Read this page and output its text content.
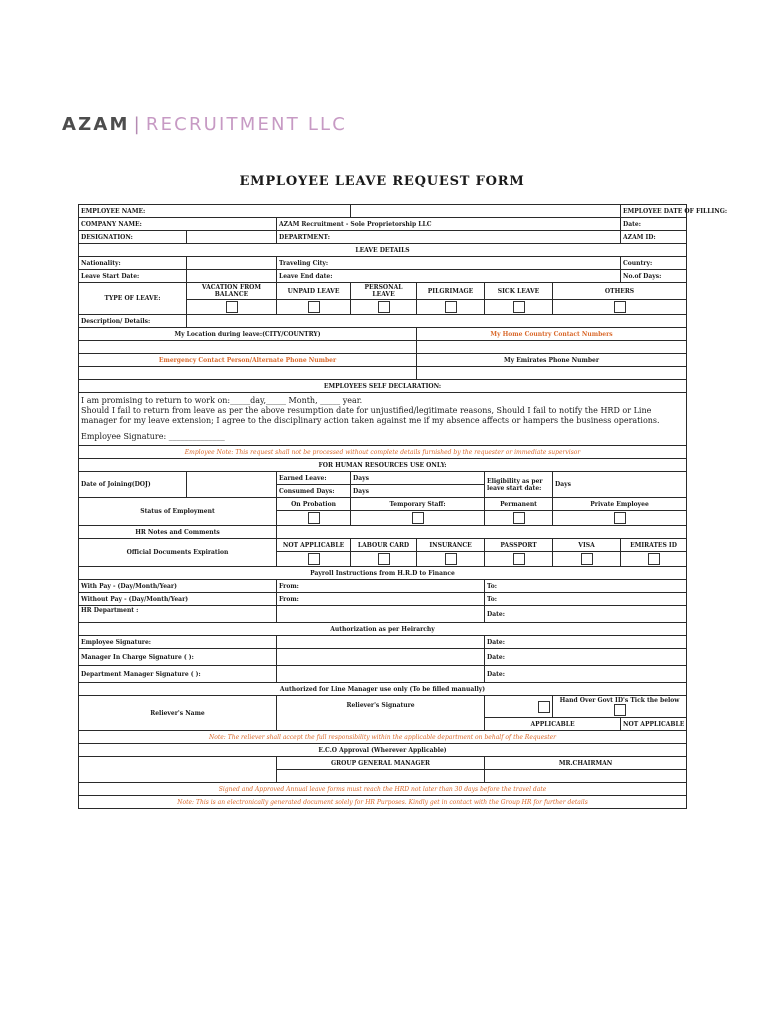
AZAM | RECRUITMENT LLC
EMPLOYEE LEAVE REQUEST FORM
EMPLOYEE NAME:							EMPLOYEE DATE OF FILLING:
COMPANY NAME:		AZAM Recruitment - Sole Proprietorship LLC					Date:
DESIGNATION:		DEPARTMENT:					AZAM ID:
LEAVE DETAILS							
Nationality:		Traveling City:					Country:
Leave Start Date:		Leave End date:					No.of Days:
TYPE OF LEAVE:	VACATION FROM BALANCE	UNPAID LEAVE	PERSONAL LEAVE	PILGRIMAGE	SICK LEAVE	OTHERS	

Description/ Details:							
My Location during leave:(CITY/COUNTRY)				My Home Country Contact Numbers			

Emergency Contact Person/Alternate Phone Number				My Emirates Phone Number			

EMPLOYEES SELF DECLARATION:							
I am promising to return to work on:_____day,_____ Month, _____ year.
Should I fail to return from leave as per the above resumption date for unjustified/legitimate reasons, Should I fail to notify the HRD or Line manager for my leave extension; I agree to the disciplinary action taken against me if my absence affects or hampers the business operations.
Employee Signature: ______________							

Employee Note: This request shall not be processed without complete details furnished by the requester or immediate supervisor							
FOR HUMAN RESOURCES USE ONLY:							
Date of Joining(DOJ)		Earned Leave:	Days		Eligibility as per leave start date:	Days	
		Consumed Days:	Days				
Status of Employment		On Probation	Temporary Staff:		Permanent	Private Employee	

HR Notes and Comments							
Official Documents Expiration		NOT APPLICABLE	LABOUR CARD	INSURANCE	PASSPORT	VISA	EMIRATES ID

Payroll Instructions from H.R.D to Finance							
With Pay - (Day/Month/Year)		From:			To:		
Without Pay - (Day/Month/Year)		From:			To:		
HR Department :					Date:		
Authorization as per Heirarchy							
Employee Signature:					Date:		
Manager In Charge Signature ( ):					Date:		
Department Manager Signature ( ):					Date:		
Authorized for Line Manager use only (To be filled manually)							
Reliever's Name		Reliever's Signature				Hand Over Govt ID's Tick the below	
					APPLICABLE		NOT APPLICABLE
Note: The reliever shall accept the full responsibility within the applicable department on behalf of the Requester							
E.C.O Approval (Wherever Applicable)							
		GROUP GENERAL MANAGER			MR.CHAIRMAN		

Signed and Approved Annual leave forms must reach the HRD not later than 30 days before the travel date							
Note: This is an electronically generated document solely for HR Purposes. Kindly get in contact with the Group HR for further details							
